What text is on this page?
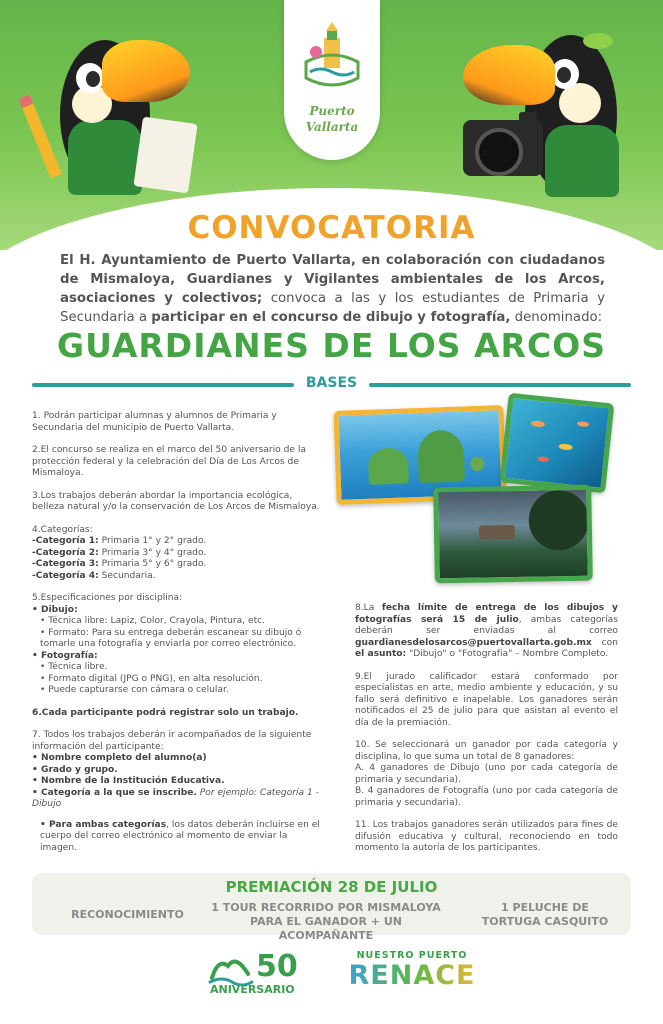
Puerto
Vallarta
CONVOCATORIA
El H. Ayuntamiento de Puerto Vallarta, en colaboración con ciudadanos de Mismaloya, Guardianes y Vigilantes ambientales de los Arcos, asociaciones y colectivos; convoca a las y los estudiantes de Primaria y Secundaria a participar en el concurso de dibujo y fotografía, denominado:
GUARDIANES DE LOS ARCOS
BASES

1. Podrán participar alumnas y alumnos de Primaria y Secundaria del municipio de Puerto Vallarta.

2.El concurso se realiza en el marco del 50 aniversario de la protección federal y la celebración del Día de Los Arcos de Mismaloya.

3.Los trabajos deberán abordar la importancia ecológica, belleza natural y/o la conservación de Los Arcos de Mismaloya.

4.Categorías:

-Categoría 1: Primaria 1° y 2° grado.

-Categoría 2: Primaria 3° y 4° grado.

-Categoría 3: Primaria 5° y 6° grado.

-Categoría 4: Secundaria.

5.Especificaciones por disciplina:

• Dibujo:

• Técnica libre: Lapiz, Color, Crayola, Pintura, etc.

• Formato: Para su entrega deberán escanear su dibujo ó tomarle una fotografía y enviarla por correo electrónico.

• Fotografía:

• Técnica libre.

• Formato digital (JPG o PNG), en alta resolución.

• Puede capturarse con cámara o celular.

6.Cada participante podrá registrar solo un trabajo.

7. Todos los trabajos deberán ir acompañados de la siguiente información del participante:

• Nombre completo del alumno(a)

• Grado y grupo.

• Nombre de la Institución Educativa.

• Categoría a la que se inscribe. Por ejemplo: Categoría 1 - Dibujo

• Para ambas categorías, los datos deberán incluirse en el cuerpo del correo electrónico al momento de enviar la imagen.

8.La fecha límite de entrega de los dibujos y fotografías será 15 de julio, ambas categorías deberán ser enviadas al correo guardianesdelosarcos@puertovallarta.gob.mx con el asunto: "Dibujo" o "Fotografía" – Nombre Completo.

9.El jurado calificador estará conformado por especialistas en arte, medio ambiente y educación, y su fallo será definitivo e inapelable. Los ganadores serán notificados el 25 de julio para que asistan al evento el día de la premiación.

10. Se seleccionará un ganador por cada categoría y disciplina, lo que suma un total de 8 ganadores:

A. 4 ganadores de Dibujo (uno por cada categoría de primaria y secundaria).

B. 4 ganadores de Fotografía (uno por cada categoría de primaria y secundaria).

11. Los trabajos ganadores serán utilizados para fines de difusión educativa y cultural, reconociendo en todo momento la autoría de los participantes.

PREMIACIÓN 28 DE JULIO
RECONOCIMIENTO
1 TOUR RECORRIDO POR MISMALOYA
PARA EL GANADOR + UN ACOMPAÑANTE
1 PELUCHE DE
TORTUGA CASQUITO
50
ANIVERSARIO
NUESTRO PUERTO
RENACE
